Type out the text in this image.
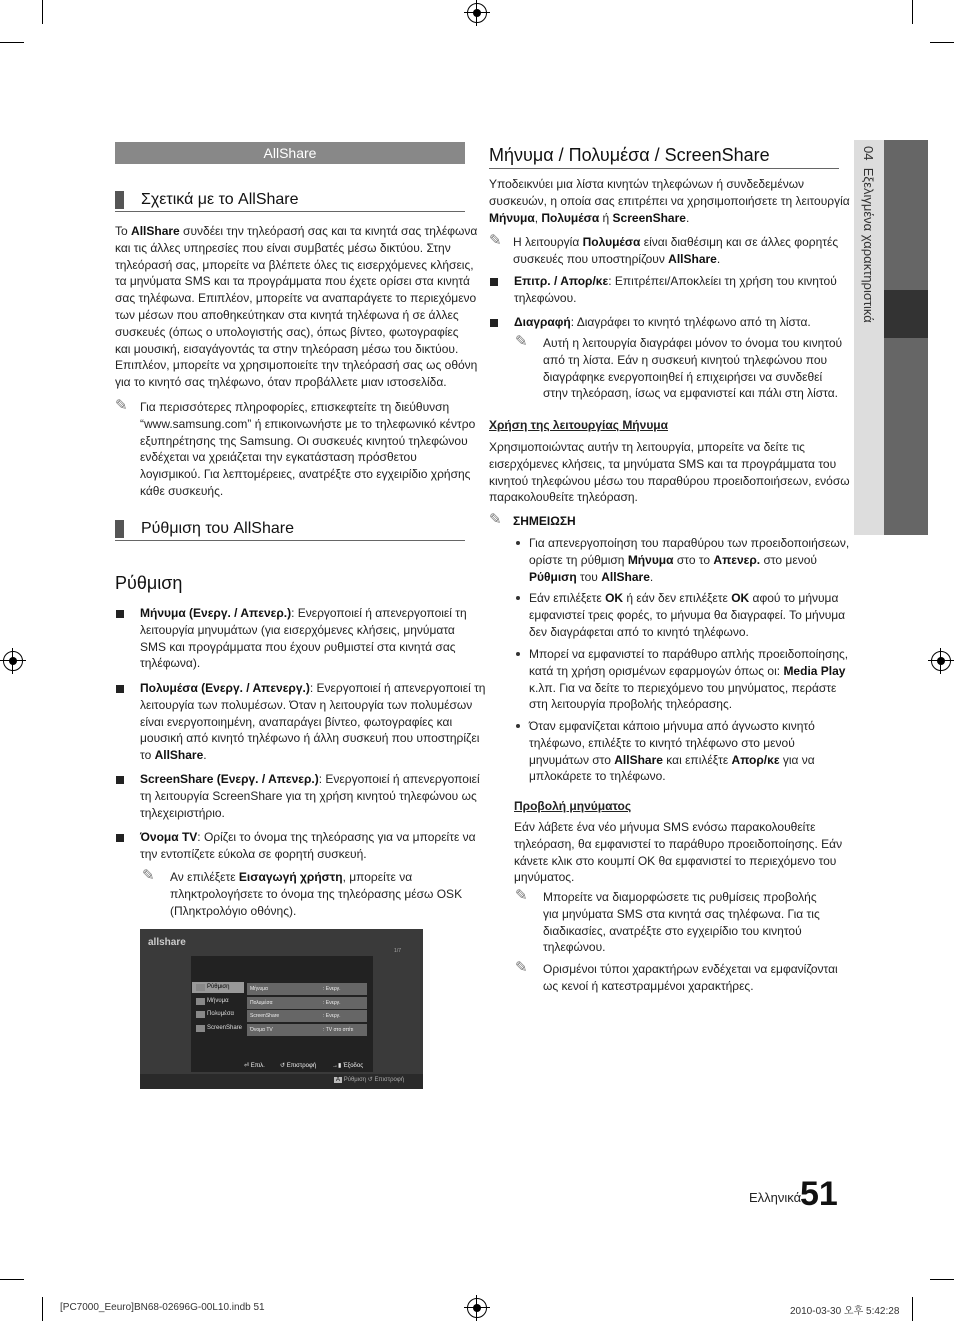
04  Εξελιγμένα χαρακτηριστικά
AllShare
Σχετικά με το AllShare
Το AllShare συνδέει την τηλεόρασή σας και τα κινητά σας τηλέφωνα
και τις άλλες υπηρεσίες που είναι συμβατές μέσω δικτύου. Στην
τηλεόρασή σας, μπορείτε να βλέπετε όλες τις εισερχόμενες κλήσεις,
τα μηνύματα SMS και τα προγράμματα που έχετε ορίσει στα κινητά
σας τηλέφωνα. Επιπλέον, μπορείτε να αναπαράγετε το περιεχόμενο
των μέσων που αποθηκεύτηκαν στα κινητά τηλέφωνα ή σε άλλες
συσκευές (όπως ο υπολογιστής σας), όπως βίντεο, φωτογραφίες
και μουσική, εισαγάγοντάς τα στην τηλεόραση μέσω του δικτύου.
Επιπλέον, μπορείτε να χρησιμοποιείτε την τηλεόρασή σας ως οθόνη
για το κινητό σας τηλέφωνο, όταν προβάλλετε μιαν ιστοσελίδα.
✎	Για περισσότερες πληροφορίες, επισκεφτείτε τη διεύθυνση
“www.samsung.com” ή επικοινωνήστε με το τηλεφωνικό κέντρο
εξυπηρέτησης της Samsung. Οι συσκευές κινητού τηλεφώνου
ενδέχεται να χρειάζεται την εγκατάσταση πρόσθετου
λογισμικού. Για λεπτομέρειες, ανατρέξτε στο εγχειρίδιο χρήσης
κάθε συσκευής.
Ρύθμιση του AllShare
Ρύθμιση
Μήνυμα (Ενεργ. / Απενερ.): Ενεργοποιεί ή απενεργοποιεί τη
λειτουργία μηνυμάτων (για εισερχόμενες κλήσεις, μηνύματα
SMS και προγράμματα που έχουν ρυθμιστεί στα κινητά σας
τηλέφωνα).
Πολυμέσα (Ενεργ. / Απενεργ.): Ενεργοποιεί ή απενεργοποιεί τη
λειτουργία των πολυμέσων. Όταν η λειτουργία των πολυμέσων
είναι ενεργοποιημένη, αναπαράγει βίντεο, φωτογραφίες και
μουσική από κινητό τηλέφωνο ή άλλη συσκευή που υποστηρίζει
το AllShare.
ScreenShare (Ενεργ. / Απενερ.): Ενεργοποιεί ή απενεργοποιεί
τη λειτουργία ScreenShare για τη χρήση κινητού τηλεφώνου ως
τηλεχειριστήριο.
Όνομα TV: Ορίζει το όνομα της τηλεόρασης για να μπορείτε να
την εντοπίζετε εύκολα σε φορητή συσκευή.
✎	Αν επιλέξετε Εισαγωγή χρήστη, μπορείτε να
πληκτρολογήσετε το όνομα της τηλεόρασης μέσω OSK
(Πληκτρολόγιο οθόνης).
allshare
1/7
Ρύθμιση
Μήνυμα
Πολυμέσα
ScreenShare
Μήνυμα	: Ενεργ.
Πολυμέσα	: Ενεργ.
ScreenShare	: Ενεργ.
Όνομα TV	: TV στο σπίτι
⏎ Επιλ.	↺ Επιστροφή	→▮ Έξοδος
A Ρύθμιση ↺ Επιστροφή
Μήνυμα / Πολυμέσα / ScreenShare
Υποδεικνύει μια λίστα κινητών τηλεφώνων ή συνδεδεμένων
συσκευών, η οποία σας επιτρέπει να χρησιμοποιήσετε τη λειτουργία
Μήνυμα, Πολυμέσα ή ScreenShare.
✎ Η λειτουργία Πολυμέσα είναι διαθέσιμη και σε άλλες φορητές
συσκευές που υποστηρίζουν AllShare.
Επιτρ. / Απορ/κε: Επιτρέπει/Αποκλείει τη χρήση του κινητού
τηλεφώνου.
Διαγραφή: Διαγράφει το κινητό τηλέφωνο από τη λίστα.
✎	Αυτή η λειτουργία διαγράφει μόνον το όνομα του κινητού
από τη λίστα. Εάν η συσκευή κινητού τηλεφώνου που
διαγράφηκε ενεργοποιηθεί ή επιχειρήσει να συνδεθεί
στην τηλεόραση, ίσως να εμφανιστεί και πάλι στη λίστα.
Χρήση της λειτουργίας Μήνυμα
Χρησιμοποιώντας αυτήν τη λειτουργία, μπορείτε να δείτε τις
εισερχόμενες κλήσεις, τα μηνύματα SMS και τα προγράμματα του
κινητού τηλεφώνου μέσω του παραθύρου προειδοποιήσεων, ενόσω
παρακολουθείτε τηλεόραση.
✎ ΣΗΜΕΙΩΣΗ
Για απενεργοποίηση του παραθύρου των προειδοποιήσεων,
ορίστε τη ρύθμιση Μήνυμα στο το Απενερ. στο μενού
Ρύθμιση του AllShare.
Εάν επιλέξετε OK ή εάν δεν επιλέξετε OK αφού το μήνυμα
εμφανιστεί τρεις φορές, το μήνυμα θα διαγραφεί. Το μήνυμα
δεν διαγράφεται από το κινητό τηλέφωνο.
Μπορεί να εμφανιστεί το παράθυρο απλής προειδοποίησης,
κατά τη χρήση ορισμένων εφαρμογών όπως οι: Media Play
κ.λπ. Για να δείτε το περιεχόμενο του μηνύματος, περάστε
στη λειτουργία προβολής τηλεόρασης.
Όταν εμφανίζεται κάποιο μήνυμα από άγνωστο κινητό
τηλέφωνο, επιλέξτε το κινητό τηλέφωνο στο μενού
μηνυμάτων στο AllShare και επιλέξτε Απορ/κε για να
μπλοκάρετε το τηλέφωνο.
Προβολή μηνύματος
Εάν λάβετε ένα νέο μήνυμα SMS ενόσω παρακολουθείτε
τηλεόραση, θα εμφανιστεί το παράθυρο προειδοποίησης. Εάν
κάνετε κλικ στο κουμπί OK θα εμφανιστεί το περιεχόμενο του
μηνύματος.
✎	Μπορείτε να διαμορφώσετε τις ρυθμίσεις προβολής
για μηνύματα SMS στα κινητά σας τηλέφωνα. Για τις
διαδικασίες, ανατρέξτε στο εγχειρίδιο του κινητού
τηλεφώνου.
✎	Ορισμένοι τύποι χαρακτήρων ενδέχεται να εμφανίζονται
ως κενοί ή κατεστραμμένοι χαρακτήρες.
Ελληνικά
51
[PC7000_Eeuro]BN68-02696G-00L10.indb 51	2010-03-30 오후 5:42:28
